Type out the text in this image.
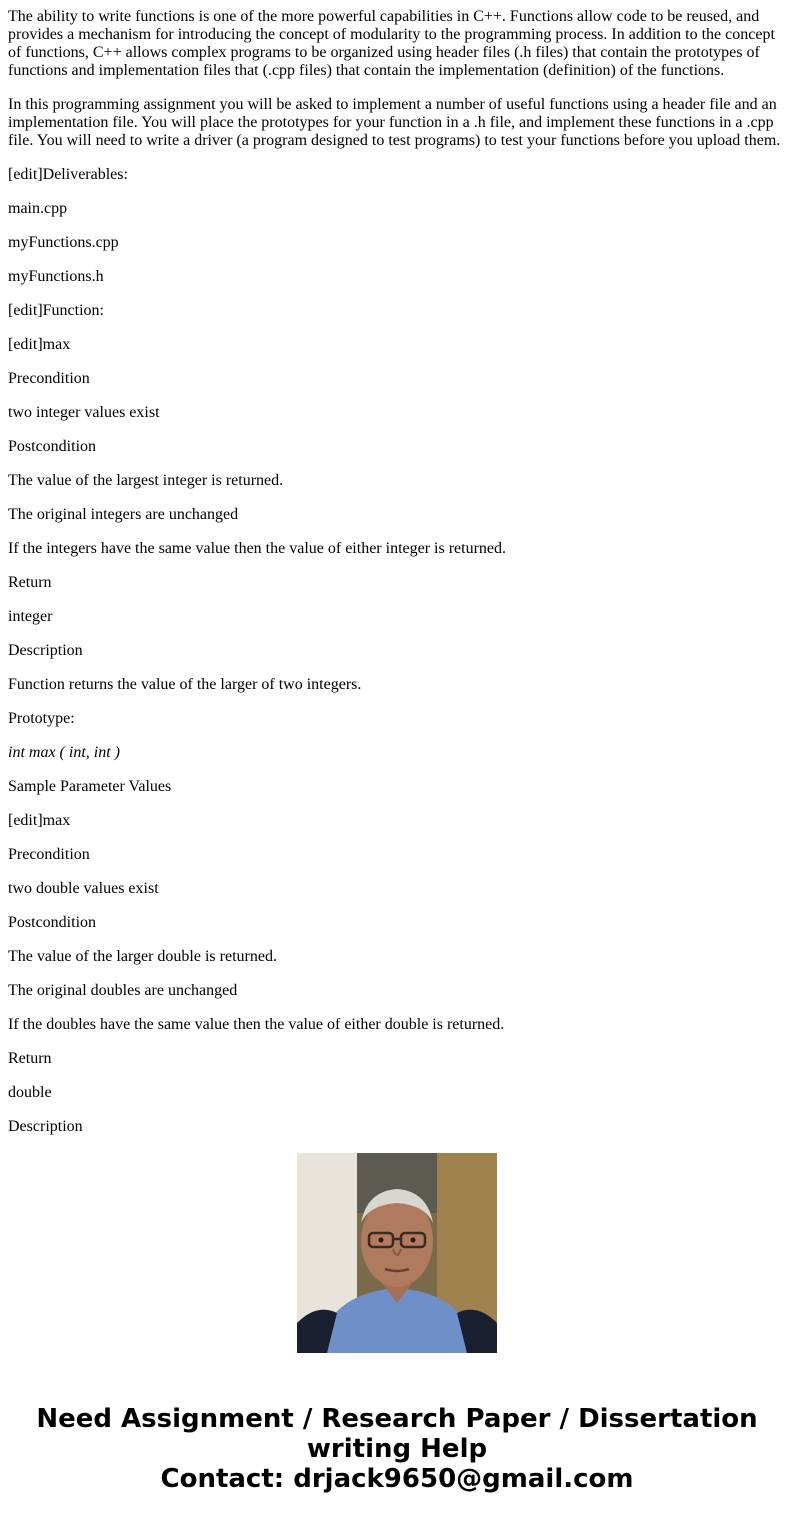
The ability to write functions is one of the more powerful capabilities in C++. Functions allow code to be reused, and provides a mechanism for introducing the concept of modularity to the programming process. In addition to the concept of functions, C++ allows complex programs to be organized using header files (.h files) that contain the prototypes of functions and implementation files that (.cpp files) that contain the implementation (definition) of the functions.

In this programming assignment you will be asked to implement a number of useful functions using a header file and an implementation file. You will place the prototypes for your function in a .h file, and implement these functions in a .cpp file. You will need to write a driver (a program designed to test programs) to test your functions before you upload them.

[edit]Deliverables:

main.cpp

myFunctions.cpp

myFunctions.h

[edit]Function:

[edit]max

Precondition

two integer values exist

Postcondition

The value of the largest integer is returned.

The original integers are unchanged

If the integers have the same value then the value of either integer is returned.

Return

integer

Description

Function returns the value of the larger of two integers.

Prototype:

int max ( int, int )

Sample Parameter Values

[edit]max

Precondition

two double values exist

Postcondition

The value of the larger double is returned.

The original doubles are unchanged

If the doubles have the same value then the value of either double is returned.

Return

double

Description

Need Assignment / Research Paper / Dissertation
writing Help
Contact: drjack9650@gmail.com
